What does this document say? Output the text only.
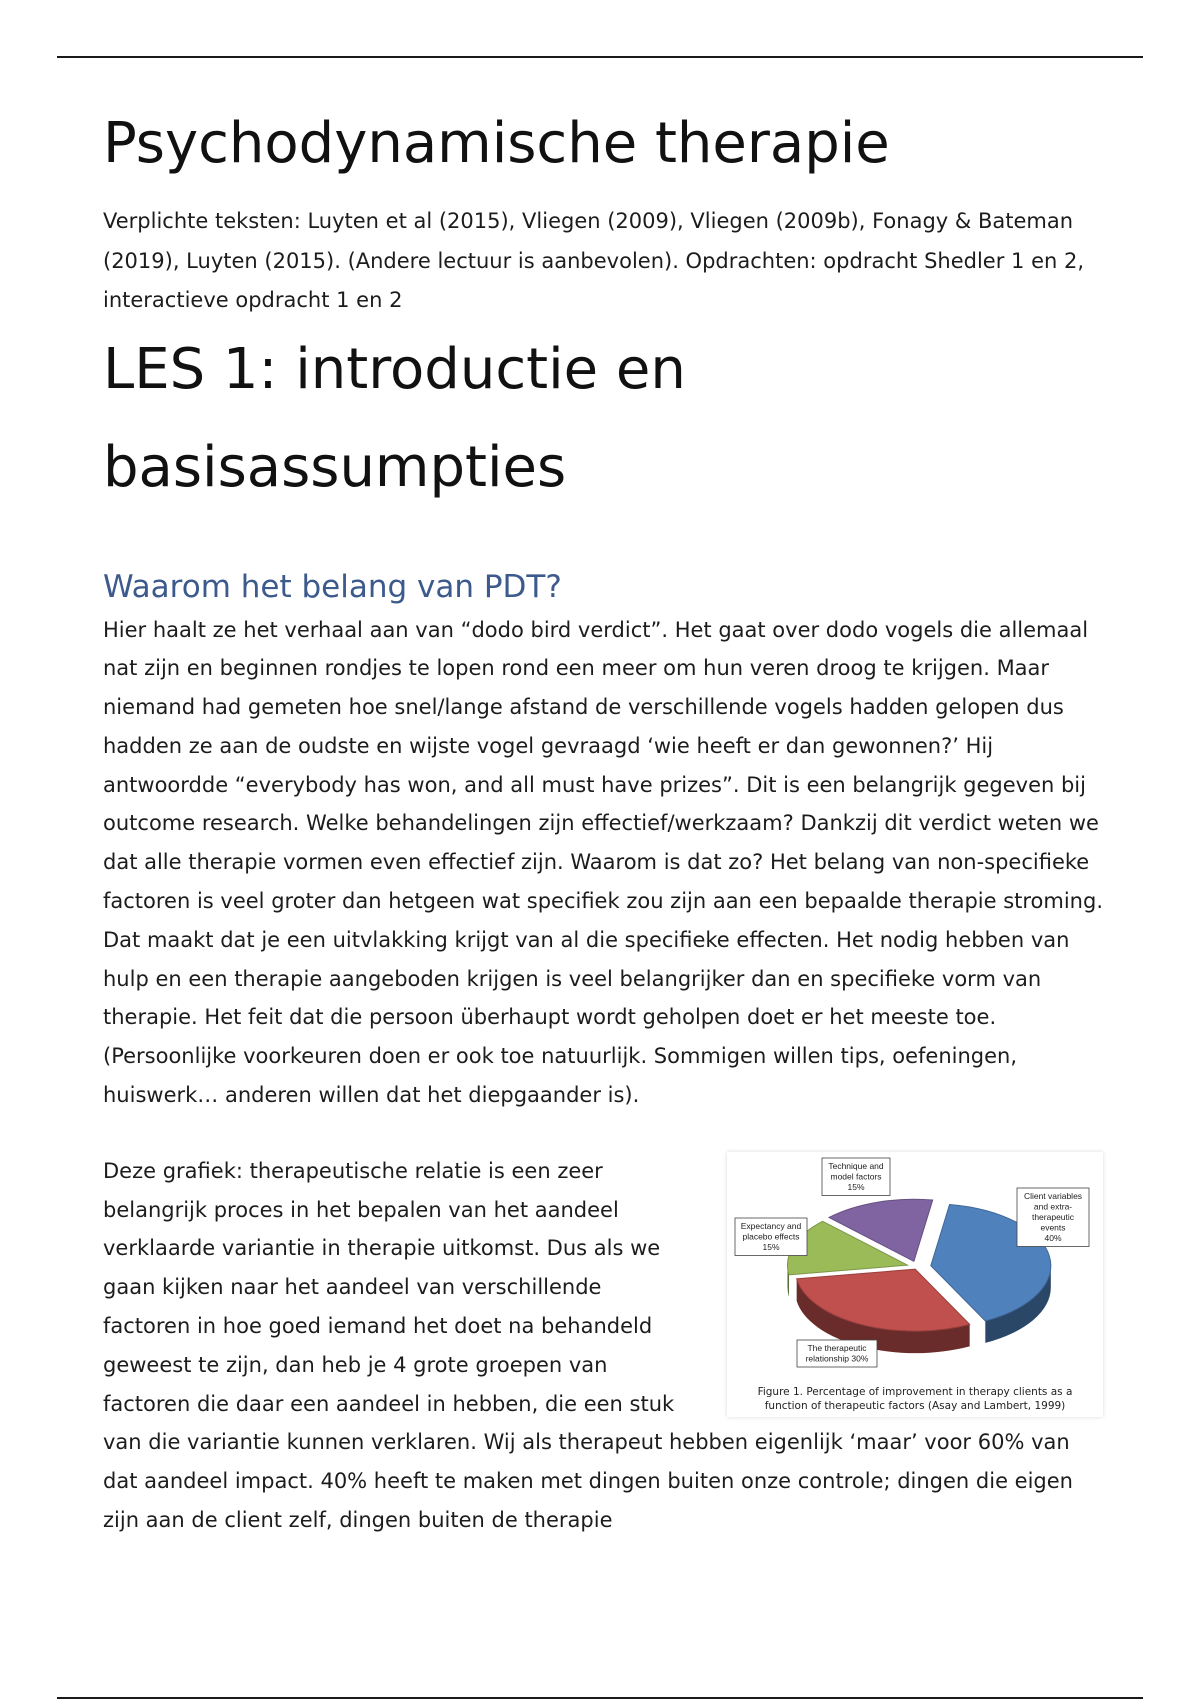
Psychodynamische therapie

Verplichte teksten: Luyten et al (2015), Vliegen (2009), Vliegen (2009b), Fonagy & Bateman (2019), Luyten (2015). (Andere lectuur is aanbevolen). Opdrachten: opdracht Shedler 1 en 2, interactieve opdracht 1 en 2

LES 1: introductie en basisassumpties
Waarom het belang van PDT?

Hier haalt ze het verhaal aan van “dodo bird verdict”. Het gaat over dodo vogels die allemaal nat zijn en beginnen rondjes te lopen rond een meer om hun veren droog te krijgen. Maar niemand had gemeten hoe snel/lange afstand de verschillende vogels hadden gelopen dus hadden ze aan de oudste en wijste vogel gevraagd ‘wie heeft er dan gewonnen?’ Hij antwoordde “everybody has won, and all must have prizes”. Dit is een belangrijk gegeven bij outcome research. Welke behandelingen zijn effectief/werkzaam? Dankzij dit verdict weten we dat alle therapie vormen even effectief zijn. Waarom is dat zo? Het belang van non-specifieke factoren is veel groter dan hetgeen wat specifiek zou zijn aan een bepaalde therapie stroming. Dat maakt dat je een uitvlakking krijgt van al die specifieke effecten. Het nodig hebben van hulp en een therapie aangeboden krijgen is veel belangrijker dan en specifieke vorm van therapie. Het feit dat die persoon überhaupt wordt geholpen doet er het meeste toe. (Persoonlijke voorkeuren doen er ook toe natuurlijk. Sommigen willen tips, oefeningen, huiswerk… anderen willen dat het diepgaander is).

Technique and
model factors
15%
Expectancy and
placebo effects
15%
Client variables
and extra-
therapeutic
events
40%
The therapeutic
relationship 30%
Figure 1. Percentage of improvement in therapy clients as a
function of therapeutic factors (Asay and Lambert, 1999)

Deze grafiek: therapeutische relatie is een zeer belangrijk proces in het bepalen van het aandeel verklaarde variantie in therapie uitkomst. Dus als we gaan kijken naar het aandeel van verschillende factoren in hoe goed iemand het doet na behandeld geweest te zijn, dan heb je 4 grote groepen van factoren die daar een aandeel in hebben, die een stuk van die variantie kunnen verklaren. Wij als therapeut hebben eigenlijk ‘maar’ voor 60% van dat aandeel impact. 40% heeft te maken met dingen buiten onze controle; dingen die eigen zijn aan de client zelf, dingen buiten de therapie
